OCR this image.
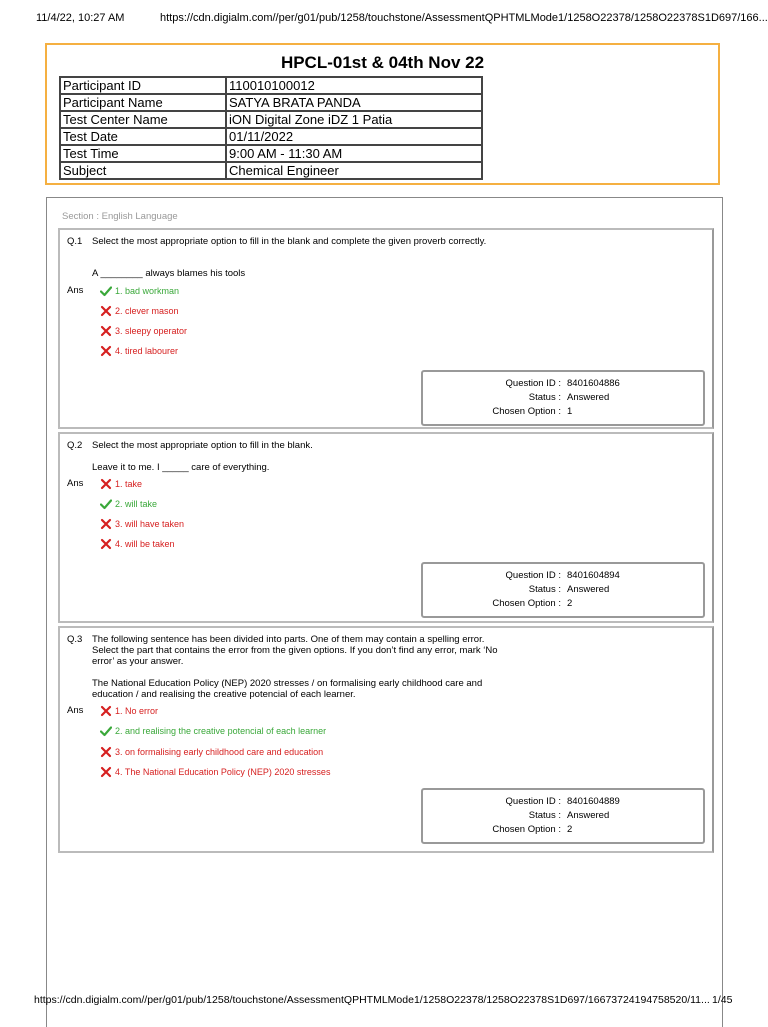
11/4/22, 10:27 AM	https://cdn.digialm.com//per/g01/pub/1258/touchstone/AssessmentQPHTMLMode1/1258O22378/1258O22378S1D697/166...
HPCL-01st & 04th Nov 22
Participant ID	110010100012
Participant Name	SATYA BRATA PANDA
Test Center Name	iON Digital Zone iDZ 1 Patia
Test Date	01/11/2022
Test Time	9:00 AM - 11:30 AM
Subject	Chemical Engineer
Section : English Language
Q.1 Select the most appropriate option to fill in the blank and complete the given proverb correctly.
A ________ always blames his tools
Ans	1. bad workman
2. clever mason
3. sleepy operator
4. tired labourer
Question ID : 8401604886
Status : Answered
Chosen Option : 1
Q.2 Select the most appropriate option to fill in the blank.
Leave it to me. I _____ care of everything.
Ans	1. take
2. will take
3. will have taken
4. will be taken
Question ID : 8401604894
Status : Answered
Chosen Option : 2
Q.3 The following sentence has been divided into parts. One of them may contain a spelling error. Select the part that contains the error from the given options. If you don’t find any error, mark ‘No error’ as your answer.
The National Education Policy (NEP) 2020 stresses / on formalising early childhood care and education / and realising the creative potencial of each learner.
Ans	1. No error
2. and realising the creative potencial of each learner
3. on formalising early childhood care and education
4. The National Education Policy (NEP) 2020 stresses
Question ID : 8401604889
Status : Answered
Chosen Option : 2
https://cdn.digialm.com//per/g01/pub/1258/touchstone/AssessmentQPHTMLMode1/1258O22378/1258O22378S1D697/16673724194758520/11... 1/45
